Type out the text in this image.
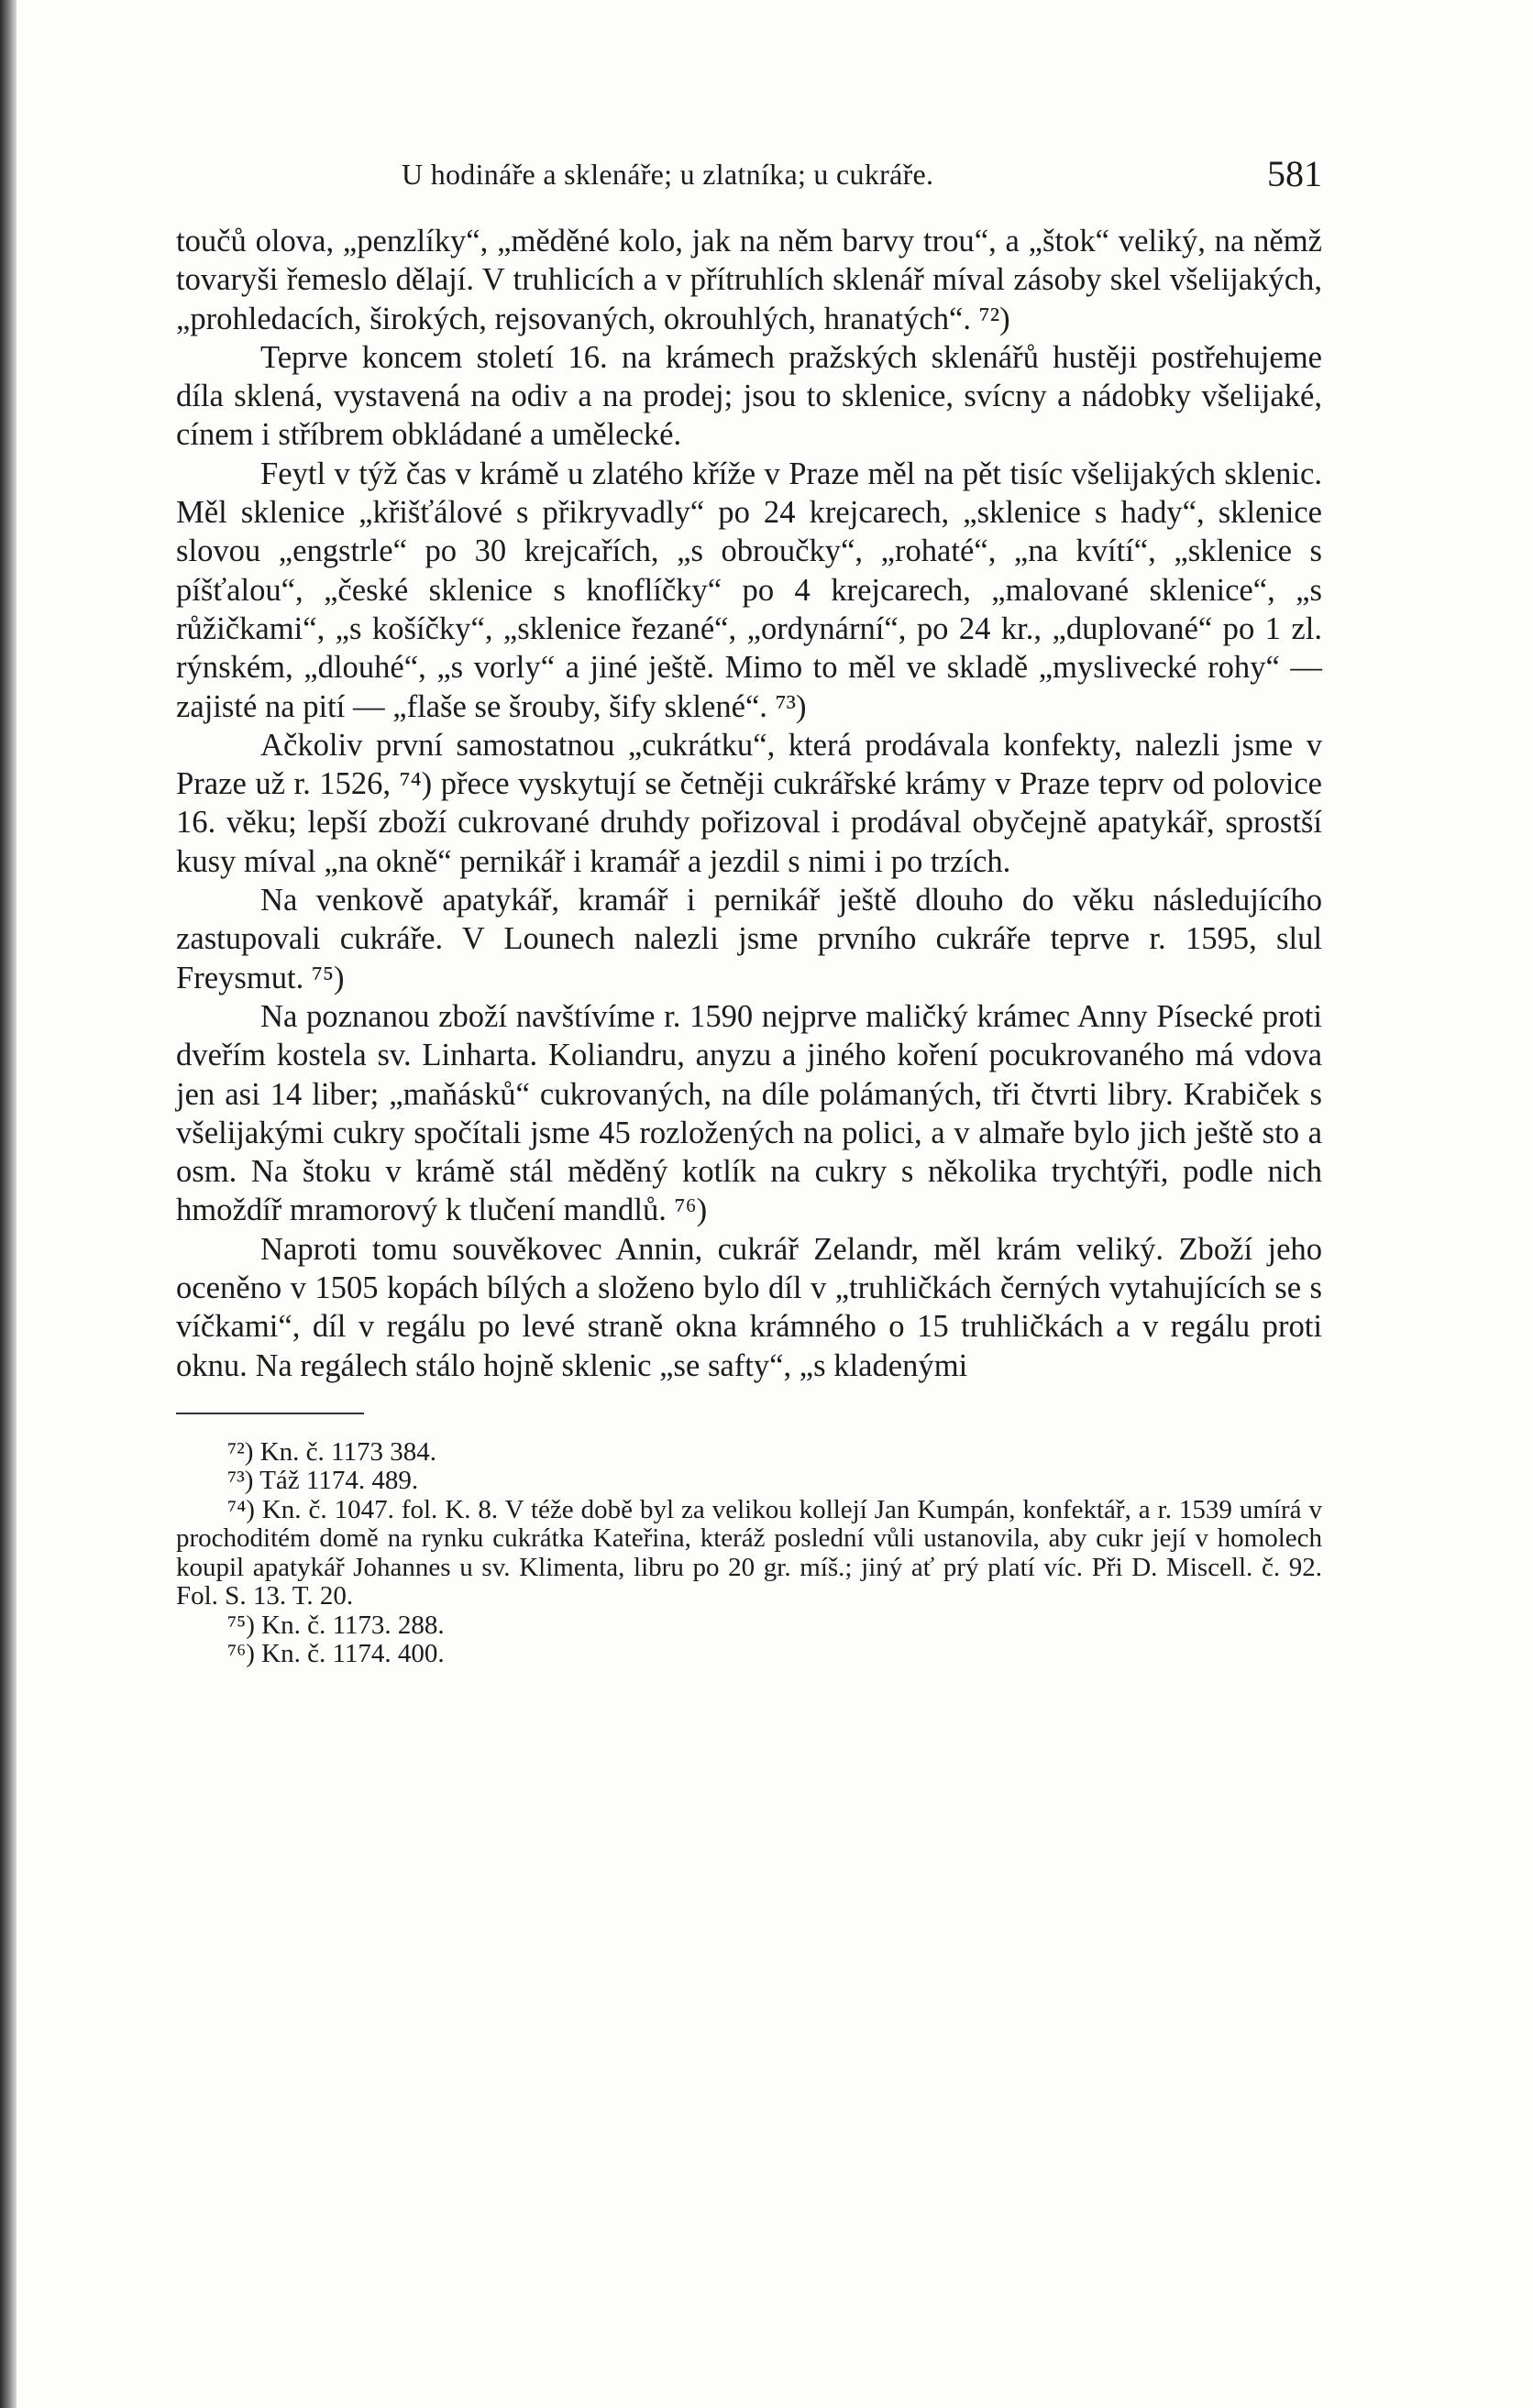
U hodináře a sklenáře; u zlatníka; u cukráře.	581

toučů olova, „penzlíky“, „měděné kolo, jak na něm barvy trou“, a „štok“ veliký, na němž tovaryši řemeslo dělají. V truhlicích a v přítruhlích sklenář míval zásoby skel všelijakých, „prohledacích, širokých, rejsovaných, okrouhlých, hranatých“. ⁷²)

Teprve koncem století 16. na krámech pražských sklenářů hustěji postřehujeme díla sklená, vystavená na odiv a na prodej; jsou to sklenice, svícny a nádobky všelijaké, cínem i stříbrem obkládané a umělecké.

Feytl v týž čas v krámě u zlatého kříže v Praze měl na pět tisíc všelijakých sklenic. Měl sklenice „křišťálové s přikryvadly“ po 24 krejcarech, „sklenice s hady“, sklenice slovou „engstrle“ po 30 krejcařích, „s obroučky“, „rohaté“, „na kvítí“, „sklenice s píšťalou“, „české sklenice s knoflíčky“ po 4 krejcarech, „malované sklenice“, „s růžičkami“, „s košíčky“, „sklenice řezané“, „ordynární“, po 24 kr., „duplované“ po 1 zl. rýnském, „dlouhé“, „s vorly“ a jiné ještě. Mimo to měl ve skladě „myslivecké rohy“ — zajisté na pití — „flaše se šrouby, šify sklené“. ⁷³)

Ačkoliv první samostatnou „cukrátku“, která prodávala konfekty, nalezli jsme v Praze už r. 1526, ⁷⁴) přece vyskytují se četněji cukrářské krámy v Praze teprv od polovice 16. věku; lepší zboží cukrované druhdy pořizoval i prodával obyčejně apatykář, sprostší kusy míval „na okně“ pernikář i kramář a jezdil s nimi i po trzích.

Na venkově apatykář, kramář i pernikář ještě dlouho do věku následujícího zastupovali cukráře. V Lounech nalezli jsme prvního cukráře teprve r. 1595, slul Freysmut. ⁷⁵)

Na poznanou zboží navštívíme r. 1590 nejprve maličký krámec Anny Písecké proti dveřím kostela sv. Linharta. Koliandru, anyzu a jiného koření pocukrovaného má vdova jen asi 14 liber; „maňásků“ cukrovaných, na díle polámaných, tři čtvrti libry. Krabiček s všelijakými cukry spočítali jsme 45 rozložených na polici, a v almaře bylo jich ještě sto a osm. Na štoku v krámě stál měděný kotlík na cukry s několika trychtýři, podle nich hmoždíř mramorový k tlučení mandlů. ⁷⁶)

Naproti tomu souvěkovec Annin, cukrář Zelandr, měl krám veliký. Zboží jeho oceněno v 1505 kopách bílých a složeno bylo díl v „truhličkách černých vytahujících se s víčkami“, díl v regálu po levé straně okna krámného o 15 truhličkách a v regálu proti oknu. Na regálech stálo hojně sklenic „se safty“, „s kladenými

⁷²) Kn. č. 1173 384.

⁷³) Táž 1174. 489.

⁷⁴) Kn. č. 1047. fol. K. 8. V téže době byl za velikou kollejí Jan Kumpán, konfektář, a r. 1539 umírá v prochoditém domě na rynku cukrátka Kateřina, kteráž poslední vůli ustanovila, aby cukr její v homolech koupil apatykář Johannes u sv. Klimenta, libru po 20 gr. míš.; jiný ať prý platí víc. Při D. Miscell. č. 92. Fol. S. 13. T. 20.

⁷⁵) Kn. č. 1173. 288.

⁷⁶) Kn. č. 1174. 400.
